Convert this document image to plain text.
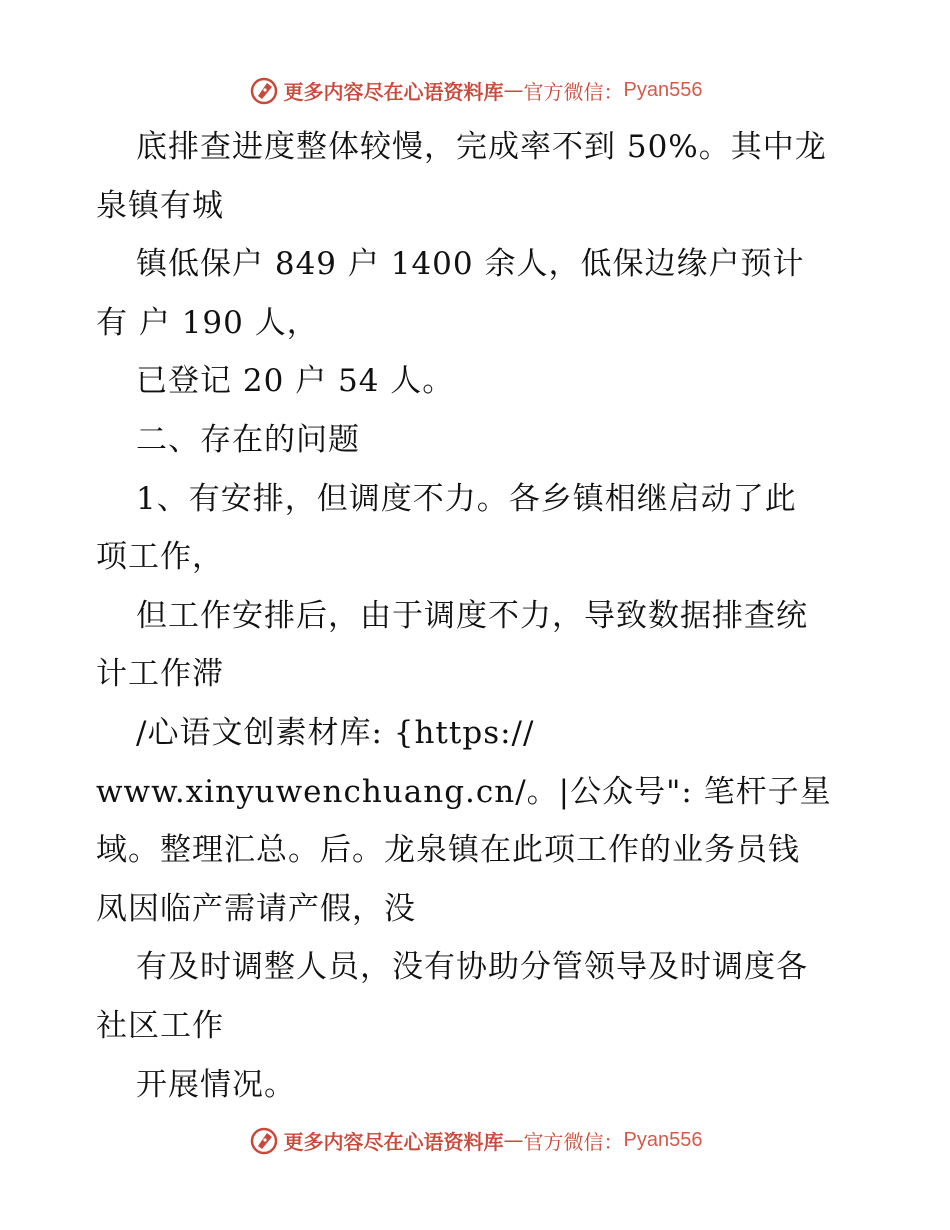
更多内容尽在心语资料库 — 官方微信： Pyan556
底排查进度整体较慢，完成率不到 50%。其中龙
泉镇有城
镇低保户 849 户 1400 余人，低保边缘户预计
有 户 190 人，
已登记 20 户 54 人。
二、存在的问题
1、有安排，但调度不力。各乡镇相继启动了此
项工作，
但工作安排后，由于调度不力，导致数据排查统
计工作滞
/心语文创素材库: {https://
www.xinyuwenchuang.cn/。|公众号": 笔杆子星
域。整理汇总。后。龙泉镇在此项工作的业务员钱
凤因临产需请产假，没
有及时调整人员，没有协助分管领导及时调度各
社区工作
开展情况。
更多内容尽在心语资料库 — 官方微信： Pyan556
